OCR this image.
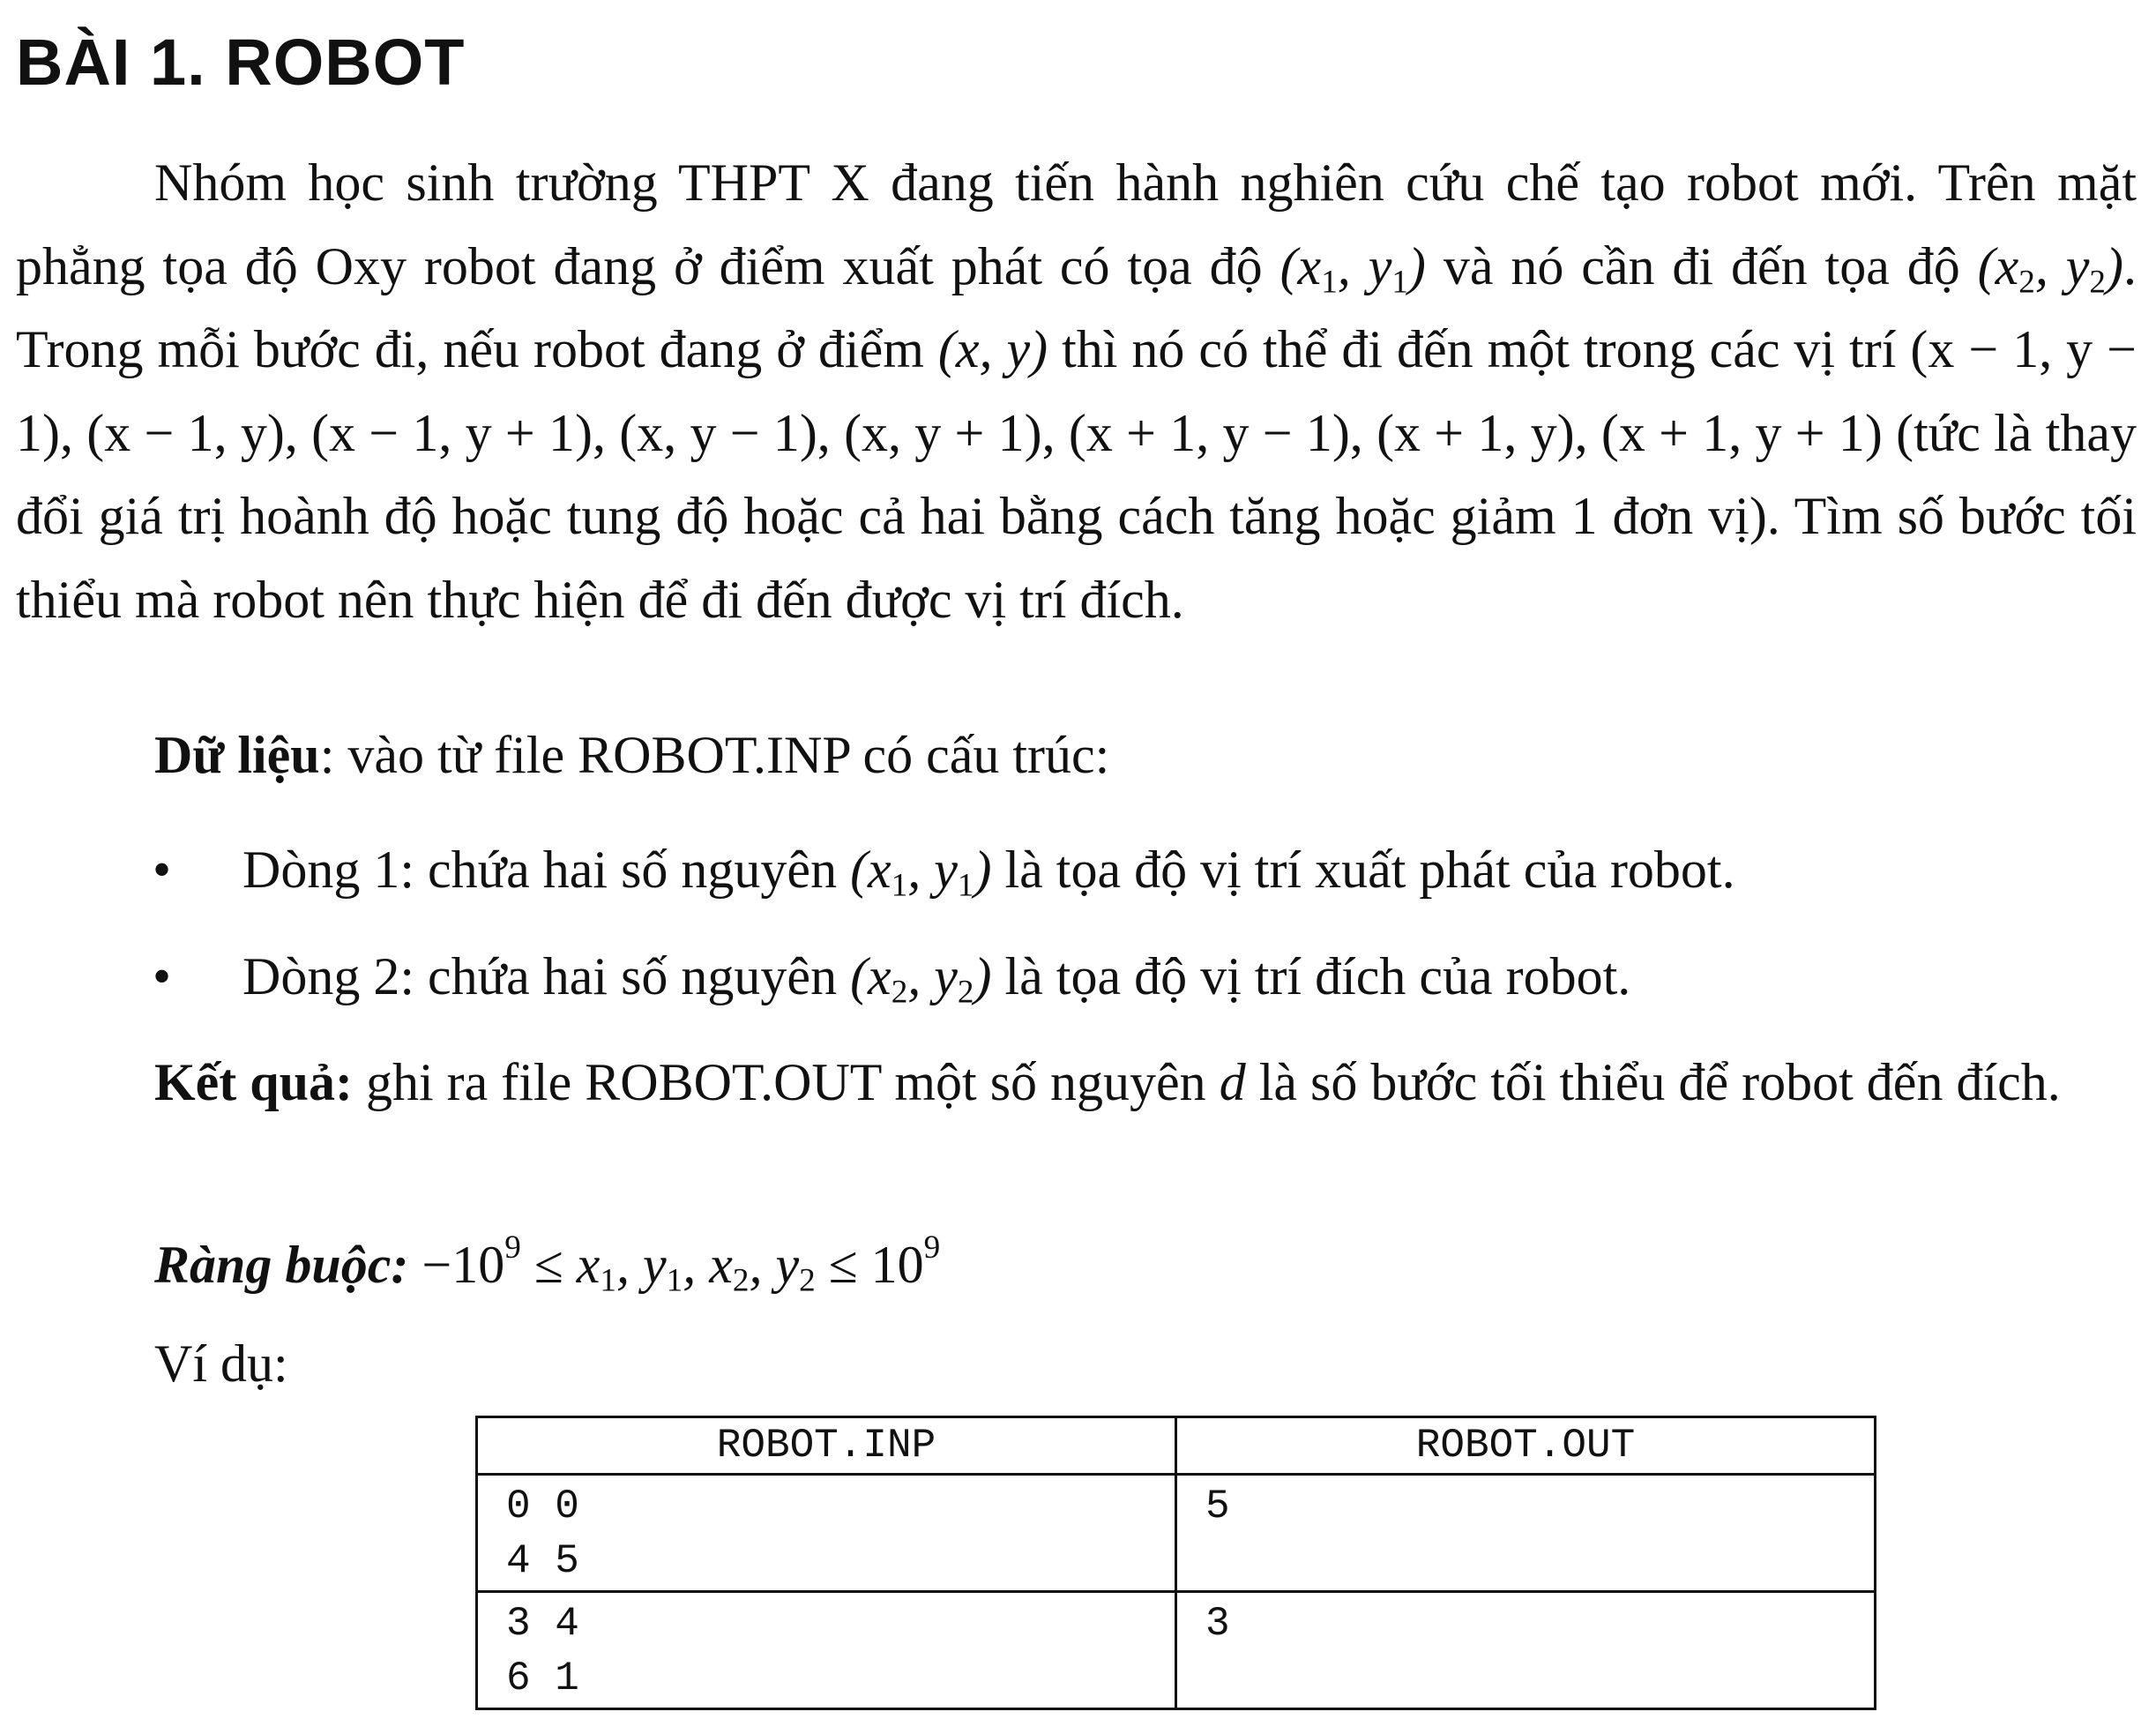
BÀI 1. ROBOT
Nhóm học sinh trường THPT X đang tiến hành nghiên cứu chế tạo robot mới. Trên mặt phẳng tọa độ Oxy robot đang ở điểm xuất phát có tọa độ ($x_1$, $y_1$) và nó cần đi đến tọa độ ($x_2$, $y_2$). Trong mỗi bước đi, nếu robot đang ở điểm (x, y) thì nó có thể đi đến một trong các vị trí (x − 1, y − 1), (x − 1, y), (x − 1, y + 1), (x, y − 1), (x, y + 1), (x + 1, y − 1), (x + 1, y), (x + 1, y + 1) (tức là thay đổi giá trị hoành độ hoặc tung độ hoặc cả hai bằng cách tăng hoặc giảm 1 đơn vị). Tìm số bước tối thiểu mà robot nên thực hiện để đi đến được vị trí đích.
Dữ liệu: vào từ file ROBOT.INP có cấu trúc:
• Dòng 1: chứa hai số nguyên ($x_1$, $y_1$) là tọa độ vị trí xuất phát của robot.
• Dòng 2: chứa hai số nguyên ($x_2$, $y_2$) là tọa độ vị trí đích của robot.
Kết quả: ghi ra file ROBOT.OUT một số nguyên d là số bước tối thiểu để robot đến đích.
Ràng buộc: $-10^9 \le x_1$, $y_1$, $x_2$, $y_2 \le 10^9$
Ví dụ:
ROBOT.INP	ROBOT.OUT
0 0
4 5	5
3 4
6 1	3
